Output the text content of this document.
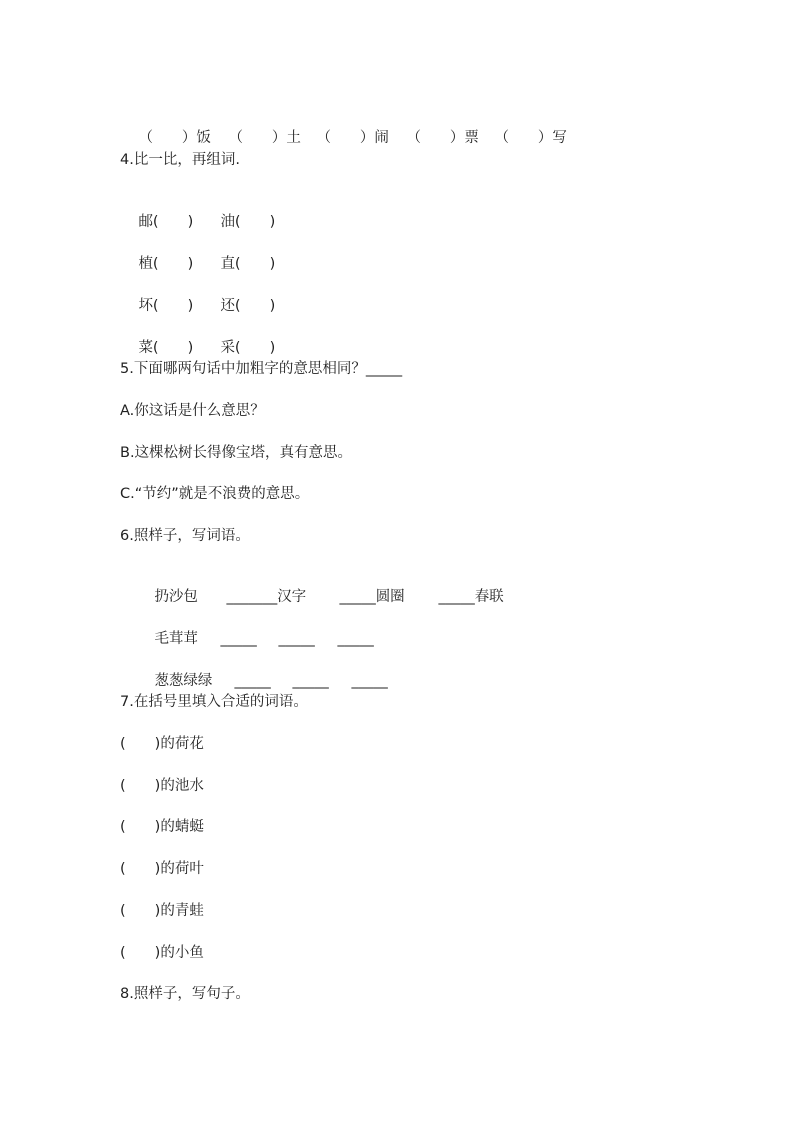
（　　）饭 （　　）土 （　　）闹 （　　）票 （　　）写

4.比一比，再组词.

邮(　　) 油(　　)

植(　　) 直(　　)

坏(　　) 还(　　)

菜(　　) 采(　　)

5.下面哪两句话中加粗字的意思相同？_____
A.你这话是什么意思？
B.这棵松树长得像宝塔，真有意思。
C.“节约”就是不浪费的意思。
6.照样子，写词语。

扔沙包 _______汉字 _____圆圈 _____春联

毛茸茸 _____ _____ _____

葱葱绿绿 _____ _____ _____

7.在括号里填入合适的词语。
(　　)的荷花
(　　)的池水
(　　)的蜻蜓
(　　)的荷叶
(　　)的青蛙
(　　)的小鱼
8.照样子，写句子。
